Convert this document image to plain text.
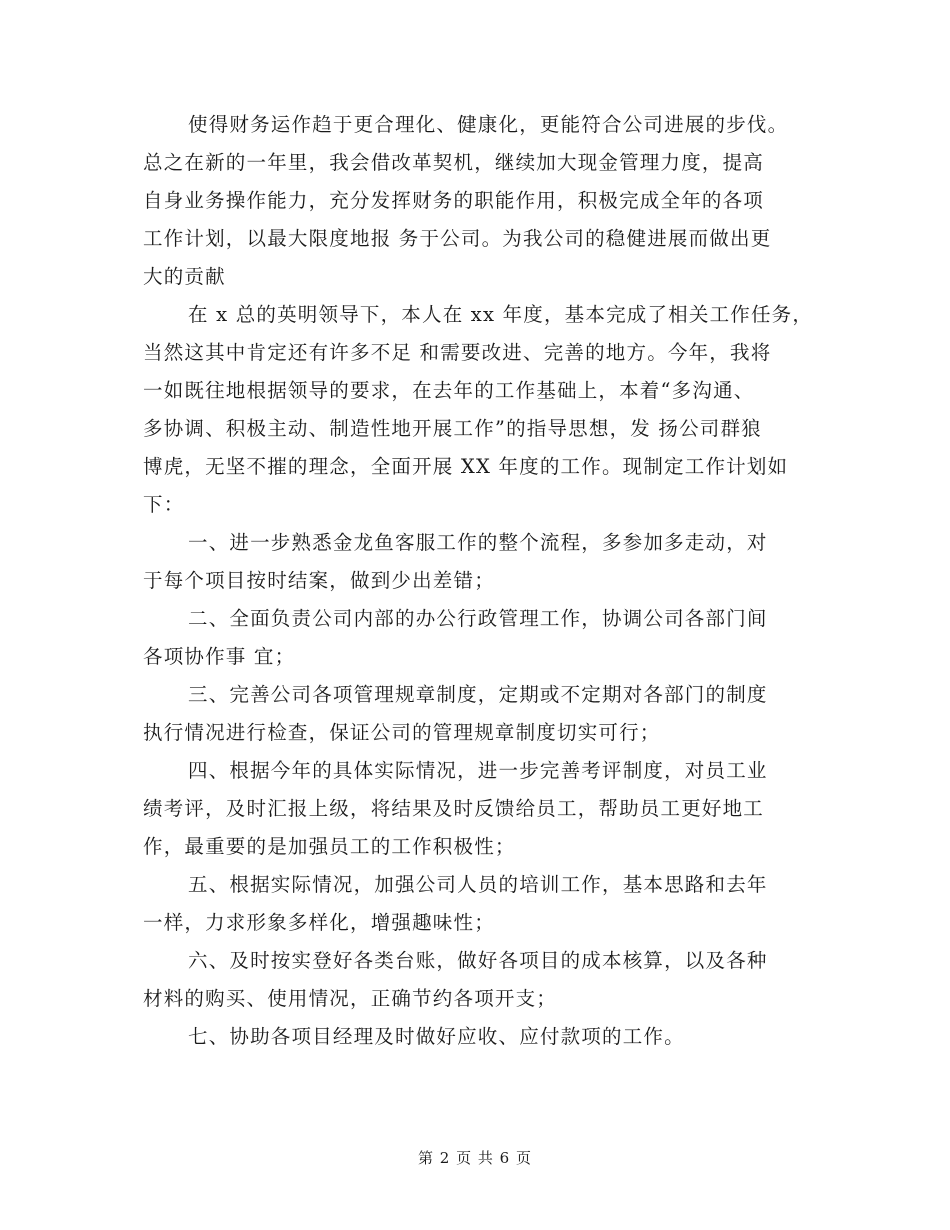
使得财务运作趋于更合理化、健康化，更能符合公司进展的步伐。
总之在新的一年里，我会借改革契机，继续加大现金管理力度，提高
自身业务操作能力，充分发挥财务的职能作用，积极完成全年的各项
工作计划，以最大限度地报 务于公司。为我公司的稳健进展而做出更
大的贡献
在 x 总的英明领导下，本人在 xx 年度，基本完成了相关工作任务，
当然这其中肯定还有许多不足 和需要改进、完善的地方。今年，我将
一如既往地根据领导的要求，在去年的工作基础上，本着“多沟通、
多协调、积极主动、制造性地开展工作”的指导思想，发 扬公司群狼
博虎，无坚不摧的理念，全面开展 XX 年度的工作。现制定工作计划如
下：
一、进一步熟悉金龙鱼客服工作的整个流程，多参加多走动，对
于每个项目按时结案，做到少出差错；
二、全面负责公司内部的办公行政管理工作，协调公司各部门间
各项协作事 宜；
三、完善公司各项管理规章制度，定期或不定期对各部门的制度
执行情况进行检查，保证公司的管理规章制度切实可行；
四、根据今年的具体实际情况，进一步完善考评制度，对员工业
绩考评，及时汇报上级，将结果及时反馈给员工，帮助员工更好地工
作，最重要的是加强员工的工作积极性；
五、根据实际情况，加强公司人员的培训工作，基本思路和去年
一样，力求形象多样化，增强趣味性；
六、及时按实登好各类台账，做好各项目的成本核算，以及各种
材料的购买、使用情况，正确节约各项开支；
七、协助各项目经理及时做好应收、应付款项的工作。
第 2 页 共 6 页
